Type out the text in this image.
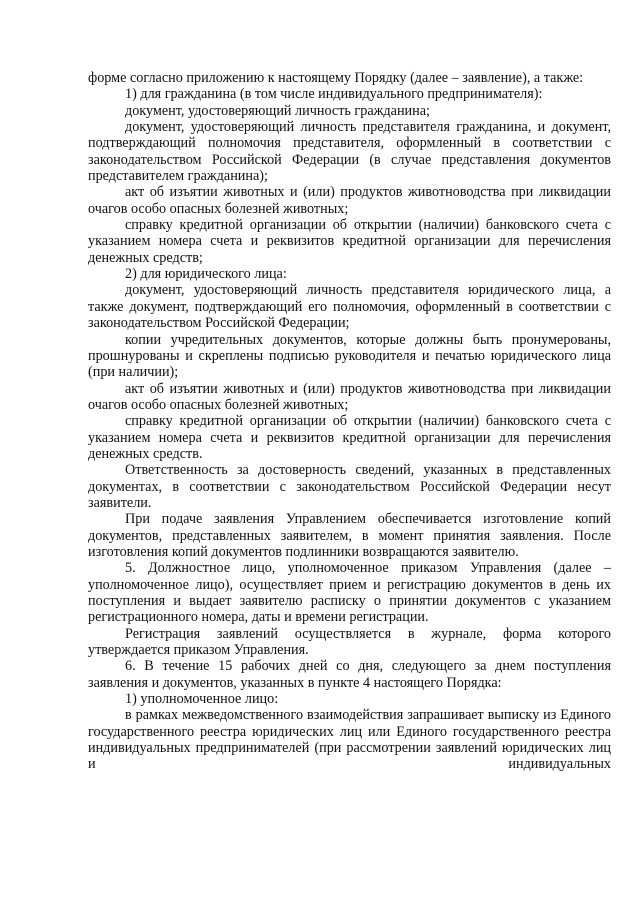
форме согласно приложению к настоящему Порядку (далее – заявление), а также:

1) для гражданина (в том числе индивидуального предпринимателя):

документ, удостоверяющий личность гражданина;

документ, удостоверяющий личность представителя гражданина, и документ, подтверждающий полномочия представителя, оформленный в соответствии с законодательством Российской Федерации (в случае представления документов представителем гражданина);

акт об изъятии животных и (или) продуктов животноводства при ликвидации очагов особо опасных болезней животных;

справку кредитной организации об открытии (наличии) банковского счета с указанием номера счета и реквизитов кредитной организации для перечисления денежных средств;

2) для юридического лица:

документ, удостоверяющий личность представителя юридического лица, а также документ, подтверждающий его полномочия, оформленный в соответствии с законодательством Российской Федерации;

копии учредительных документов, которые должны быть пронумерованы, прошнурованы и скреплены подписью руководителя и печатью юридического лица (при наличии);

акт об изъятии животных и (или) продуктов животноводства при ликвидации очагов особо опасных болезней животных;

справку кредитной организации об открытии (наличии) банковского счета с указанием номера счета и реквизитов кредитной организации для перечисления денежных средств.

Ответственность за достоверность сведений, указанных в представленных документах, в соответствии с законодательством Российской Федерации несут заявители.

При подаче заявления Управлением обеспечивается изготовление копий документов, представленных заявителем, в момент принятия заявления. После изготовления копий документов подлинники возвращаются заявителю.

5. Должностное лицо, уполномоченное приказом Управления (далее – уполномоченное лицо), осуществляет прием и регистрацию документов в день их поступления и выдает заявителю расписку о принятии документов с указанием регистрационного номера, даты и времени регистрации.

Регистрация заявлений осуществляется в журнале, форма которого утверждается приказом Управления.

6. В течение 15 рабочих дней со дня, следующего за днем поступления заявления и документов, указанных в пункте 4 настоящего Порядка:

1) уполномоченное лицо:

в рамках межведомственного взаимодействия запрашивает выписку из Единого государственного реестра юридических лиц или Единого государственного реестра индивидуальных предпринимателей (при рассмотрении заявлений юридических лиц и индивидуальных
